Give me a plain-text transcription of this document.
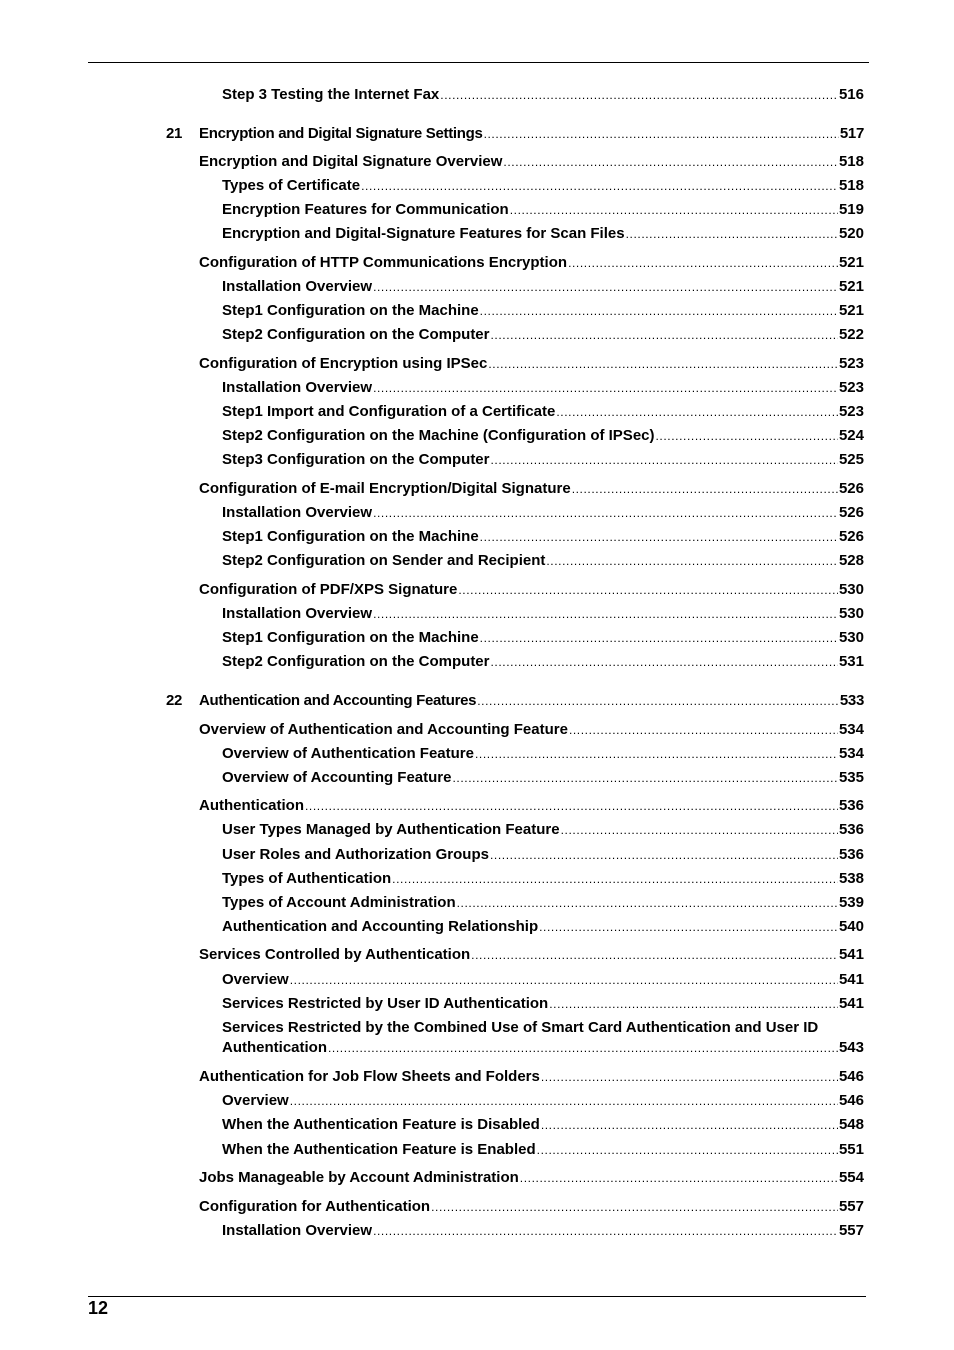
Step 3 Testing the Internet Fax .....	516
21	Encryption and Digital Signature Settings .....	517
Encryption and Digital Signature Overview .....	518
Types of Certificate .....	518
Encryption Features for Communication .....	519
Encryption and Digital-Signature Features for Scan Files .....	520
Configuration of HTTP Communications Encryption .....	521
Installation Overview .....	521
Step1 Configuration on the Machine .....	521
Step2 Configuration on the Computer .....	522
Configuration of Encryption using IPSec .....	523
Installation Overview .....	523
Step1 Import and Configuration of a Certificate .....	523
Step2 Configuration on the Machine (Configuration of IPSec) .....	524
Step3 Configuration on the Computer .....	525
Configuration of E-mail Encryption/Digital Signature .....	526
Installation Overview .....	526
Step1 Configuration on the Machine .....	526
Step2 Configuration on Sender and Recipient .....	528
Configuration of PDF/XPS Signature .....	530
Installation Overview .....	530
Step1 Configuration on the Machine .....	530
Step2 Configuration on the Computer .....	531
22	Authentication and Accounting Features .....	533
Overview of Authentication and Accounting Feature .....	534
Overview of Authentication Feature .....	534
Overview of Accounting Feature .....	535
Authentication .....	536
User Types Managed by Authentication Feature .....	536
User Roles and Authorization Groups .....	536
Types of Authentication .....	538
Types of Account Administration .....	539
Authentication and Accounting Relationship .....	540
Services Controlled by Authentication .....	541
Overview .....	541
Services Restricted by User ID Authentication .....	541
Services Restricted by the Combined Use of Smart Card Authentication and User ID
Authentication .....	543
Authentication for Job Flow Sheets and Folders .....	546
Overview .....	546
When the Authentication Feature is Disabled .....	548
When the Authentication Feature is Enabled .....	551
Jobs Manageable by Account Administration .....	554
Configuration for Authentication .....	557
Installation Overview .....	557
12
